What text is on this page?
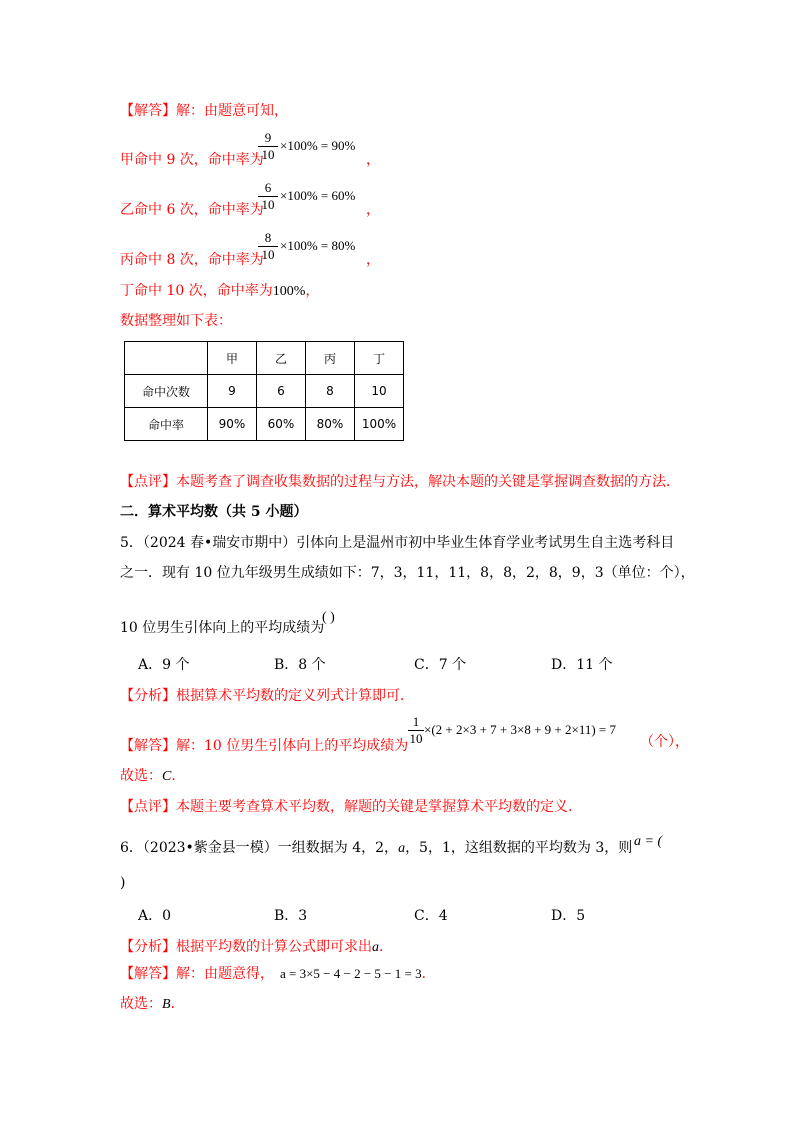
【解答】解：由题意可知，
9
10
×100% = 90%
甲命中 9 次，命中率为	，
6
10
×100% = 60%
乙命中 6 次，命中率为	，
8
10
×100% = 80%
丙命中 8 次，命中率为	，
丁命中 10 次，命中率为100%，
数据整理如下表：
	甲	乙	丙	丁
命中次数	9	6	8	10
命中率	90%	60%	80%	100%
【点评】本题考查了调查收集数据的过程与方法，解决本题的关键是掌握调查数据的方法．
二．算术平均数（共 5 小题）
5．（2024 春•瑞安市期中）引体向上是温州市初中毕业生体育学业考试男生自主选考科目
之一．现有 10 位九年级男生成绩如下：7，3，11，11，8，8，2，8，9，3（单位：个），
10 位男生引体向上的平均成绩为
( )
A．9 个	B．8 个	C．7 个	D．11 个
【分析】根据算术平均数的定义列式计算即可．
1
10
×(2 + 2×3 + 7 + 3×8 + 9 + 2×11) = 7
【解答】解：10 位男生引体向上的平均成绩为	（个），
故选：C．
【点评】本题主要考查算术平均数，解题的关键是掌握算术平均数的定义．
6．（2023•紫金县一模）一组数据为 4，2，a，5，1，这组数据的平均数为 3，则 a = (
)
A．0	B．3	C．4	D．5
【分析】根据平均数的计算公式即可求出a．
【解答】解：由题意得， a = 3×5 − 4 − 2 − 5 − 1 = 3．
故选：B．
